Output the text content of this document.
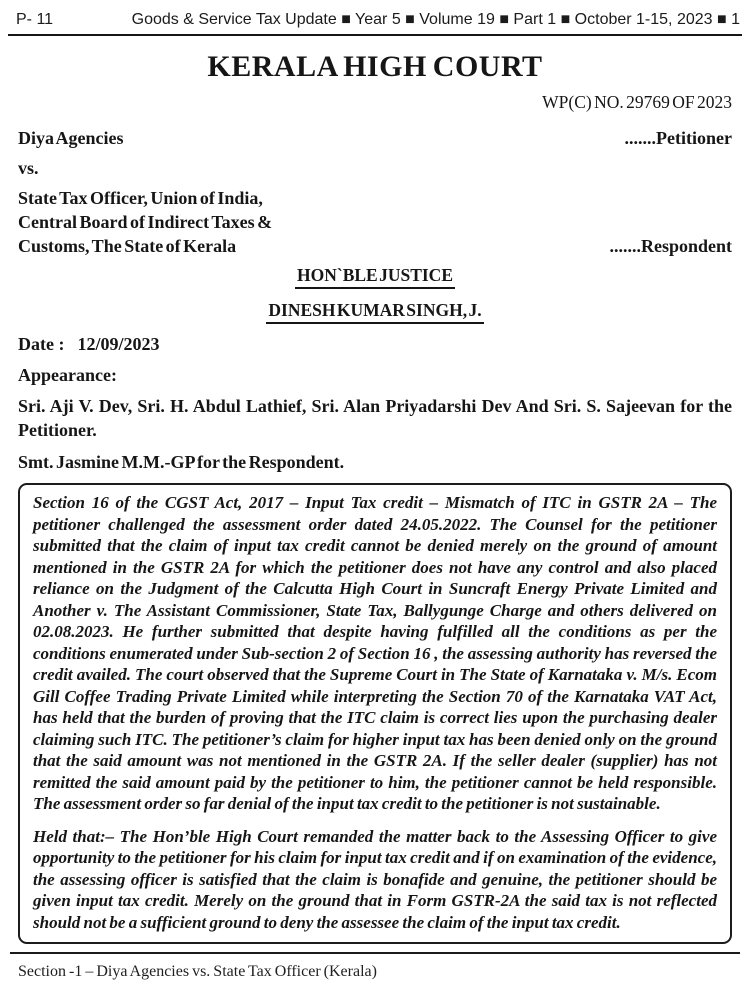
P- 11	Goods & Service Tax Update ■ Year 5 ■ Volume 19 ■ Part 1 ■ October 1-15, 2023 ■ 1
KERALA HIGH COURT
WP(C) NO. 29769 OF 2023
Diya Agencies	.......Petitioner
vs.
State Tax Officer, Union of India,
Central Board of Indirect Taxes &
Customs, The State of Kerala	.......Respondent
HON`BLE JUSTICE
DINESH KUMAR SINGH, J.
Date : 12/09/2023
Appearance:

Sri. Aji V. Dev, Sri. H. Abdul Lathief, Sri. Alan Priyadarshi Dev And Sri. S. Sajeevan for the Petitioner.

Smt. Jasmine M.M.-GP for the Respondent.

Section 16 of the CGST Act, 2017 – Input Tax credit – Mismatch of ITC in GSTR 2A – The petitioner challenged the assessment order dated 24.05.2022. The Counsel for the petitioner submitted that the claim of input tax credit cannot be denied merely on the ground of amount mentioned in the GSTR 2A for which the petitioner does not have any control and also placed reliance on the Judgment of the Calcutta High Court in Suncraft Energy Private Limited and Another v. The Assistant Commissioner, State Tax, Ballygunge Charge and others delivered on 02.08.2023. He further submitted that despite having fulfilled all the conditions as per the conditions enumerated under Sub-section 2 of Section 16 , the assessing authority has reversed the credit availed. The court observed that the Supreme Court in The State of Karnataka v. M/s. Ecom Gill Coffee Trading Private Limited while interpreting the Section 70 of the Karnataka VAT Act, has held that the burden of proving that the ITC claim is correct lies upon the purchasing dealer claiming such ITC. The petitioner’s claim for higher input tax has been denied only on the ground that the said amount was not mentioned in the GSTR 2A. If the seller dealer (supplier) has not remitted the said amount paid by the petitioner to him, the petitioner cannot be held responsible. The assessment order so far denial of the input tax credit to the petitioner is not sustainable.

Held that:– The Hon’ble High Court remanded the matter back to the Assessing Officer to give opportunity to the petitioner for his claim for input tax credit and if on examination of the evidence, the assessing officer is satisfied that the claim is bonafide and genuine, the petitioner should be given input tax credit. Merely on the ground that in Form GSTR-2A the said tax is not reflected should not be a sufficient ground to deny the assessee the claim of the input tax credit.

Section -1 – Diya Agencies vs. State Tax Officer (Kerala)
